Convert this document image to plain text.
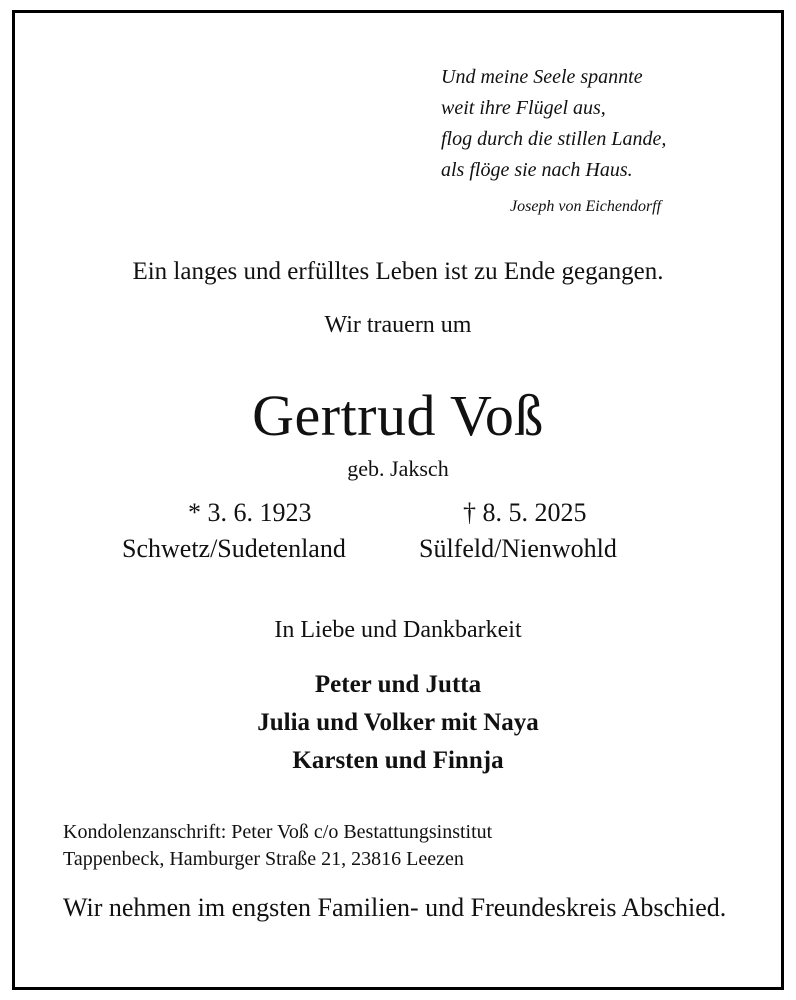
Und meine Seele spannte
weit ihre Flügel aus,
flog durch die stillen Lande,
als flöge sie nach Haus.
Joseph von Eichendorff
Ein langes und erfülltes Leben ist zu Ende gegangen.
Wir trauern um
Gertrud Voß
geb. Jaksch
* 3. 6. 1923
Schwetz/Sudetenland
† 8. 5. 2025
Sülfeld/Nienwohld
In Liebe und Dankbarkeit
Peter und Jutta
Julia und Volker mit Naya
Karsten und Finnja
Kondolenzanschrift: Peter Voß c/o Bestattungsinstitut
Tappenbeck, Hamburger Straße 21, 23816 Leezen
Wir nehmen im engsten Familien- und Freundeskreis Abschied.
